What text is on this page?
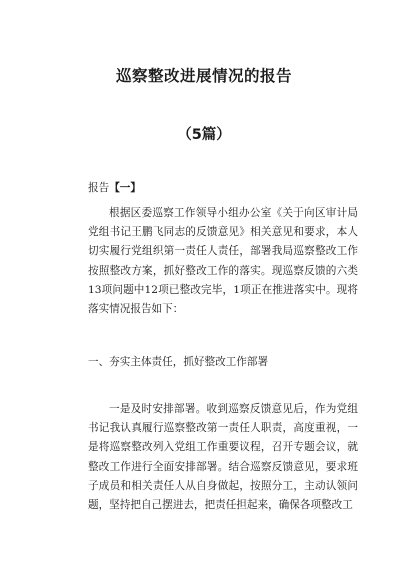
巡察整改进展情况的报告
（5篇）
报告【一】
根据区委巡察工作领导小组办公室《关于向区审计局党组书记王鹏飞同志的反馈意见》相关意见和要求，本人切实履行党组织第一责任人责任，部署我局巡察整改工作按照整改方案，抓好整改工作的落实。现巡察反馈的六类13项问题中12项已整改完毕，1项正在推进落实中。现将落实情况报告如下：
一、夯实主体责任，抓好整改工作部署
一是及时安排部署。收到巡察反馈意见后，作为党组书记我认真履行巡察整改第一责任人职责，高度重视，一是将巡察整改列入党组工作重要议程，召开专题会议，就整改工作进行全面安排部署。结合巡察反馈意见，要求班子成员和相关责任人从自身做起，按照分工，主动认领问题，坚持把自己摆进去，把责任担起来，确保各项整改工
